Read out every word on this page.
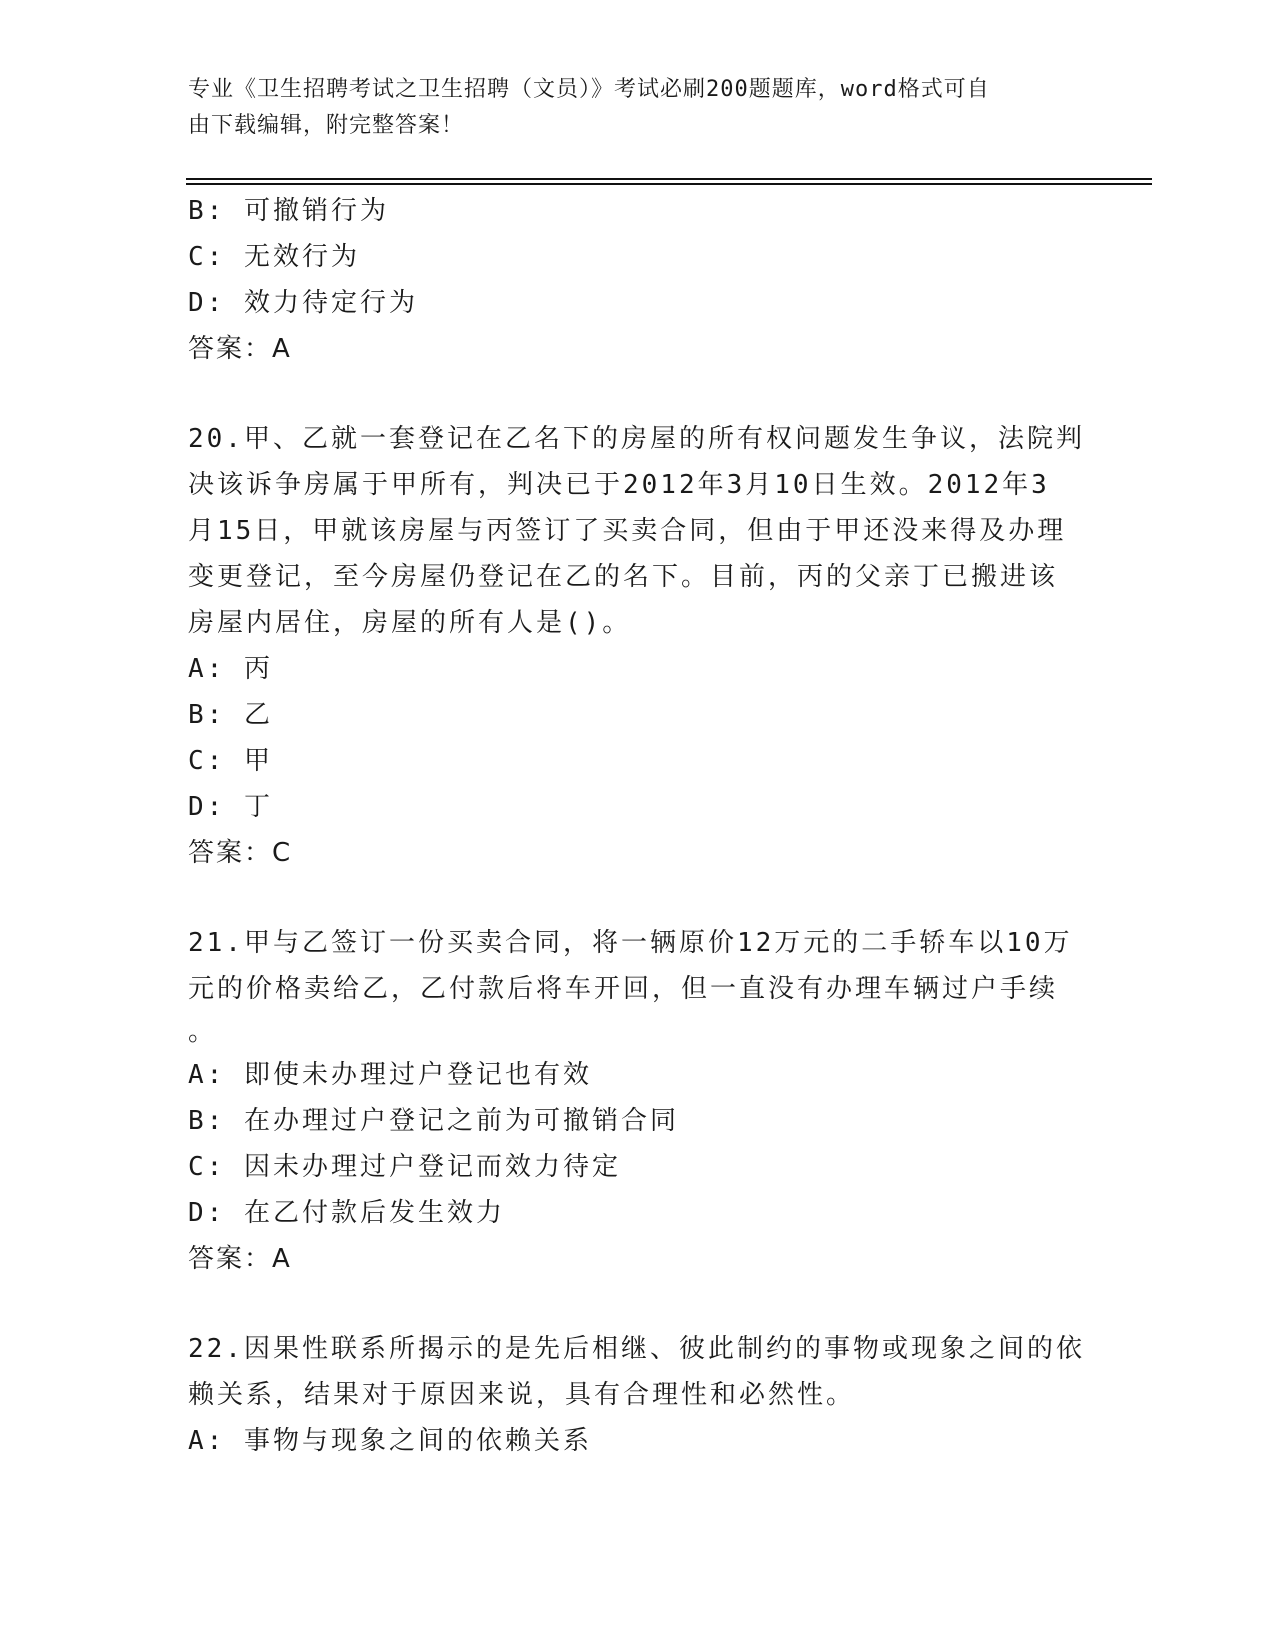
专业《卫生招聘考试之卫生招聘（文员）》考试必刷200题题库，word格式可自
由下载编辑，附完整答案！
B: 可撤销行为
C: 无效行为
D: 效力待定行为
答案：A
20.甲、乙就一套登记在乙名下的房屋的所有权问题发生争议，法院判
决该诉争房属于甲所有，判决已于2012年3月10日生效。2012年3
月15日，甲就该房屋与丙签订了买卖合同，但由于甲还没来得及办理
变更登记，至今房屋仍登记在乙的名下。目前，丙的父亲丁已搬进该
房屋内居住，房屋的所有人是()。
A: 丙
B: 乙
C: 甲
D: 丁
答案：C
21.甲与乙签订一份买卖合同，将一辆原价12万元的二手轿车以10万
元的价格卖给乙，乙付款后将车开回，但一直没有办理车辆过户手续
。
A: 即使未办理过户登记也有效
B: 在办理过户登记之前为可撤销合同
C: 因未办理过户登记而效力待定
D: 在乙付款后发生效力
答案：A
22.因果性联系所揭示的是先后相继、彼此制约的事物或现象之间的依
赖关系，结果对于原因来说，具有合理性和必然性。
A: 事物与现象之间的依赖关系
